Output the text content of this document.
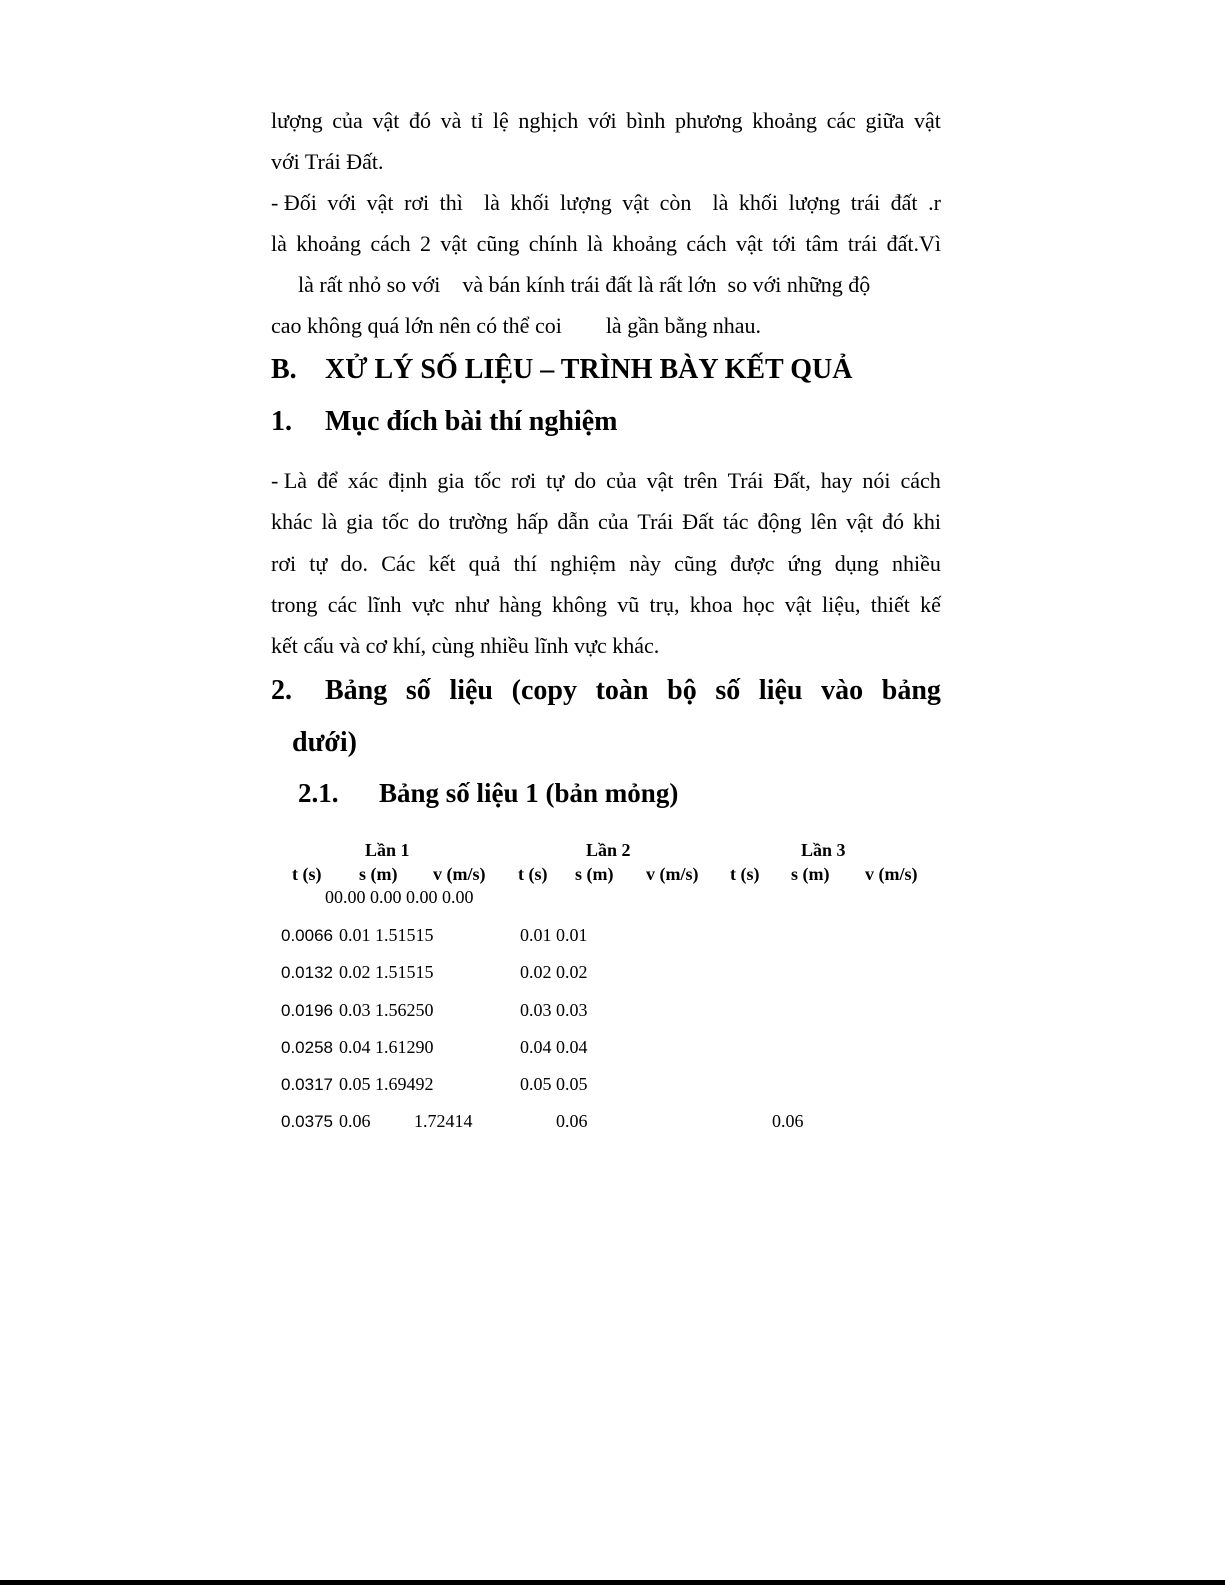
lượng của vật đó và tỉ lệ nghịch với bình phương khoảng các giữa vật
với Trái Đất.
- Đối với vật rơi thì là khối lượng vật còn là khối lượng trái đất .r
là khoảng cách 2 vật cũng chính là khoảng cách vật tới tâm trái đất.Vì
là rất nhỏ so với    và bán kính trái đất là rất lớn  so với những độ
cao không quá lớn nên có thể coi        là gần bằng nhau.
B. XỬ LÝ SỐ LIỆU – TRÌNH BÀY KẾT QUẢ
1. Mục đích bài thí nghiệm
- Là để xác định gia tốc rơi tự do của vật trên Trái Đất, hay nói cách
khác là gia tốc do trường hấp dẫn của Trái Đất tác động lên vật đó khi
rơi tự do. Các kết quả thí nghiệm này cũng được ứng dụng nhiều
trong các lĩnh vực như hàng không vũ trụ, khoa học vật liệu, thiết kế
kết cấu và cơ khí, cùng nhiều lĩnh vực khác.
2. Bảng số liệu (copy toàn bộ số liệu vào bảng
dưới)
2.1. Bảng số liệu 1 (bản mỏng)
Lần 1	Lần 2	Lần 3
t (s) s (m) v (m/s) t (s) s (m) v (m/s) t (s) s (m) v (m/s)
00.00 0.00 0.00 0.00
0.0066 0.01 1.51515	0.01 0.01
0.0132 0.02 1.51515	0.02 0.02
0.0196 0.03 1.56250	0.03 0.03
0.0258 0.04 1.61290	0.04 0.04
0.0317 0.05 1.69492	0.05 0.05
0.0375 0.06 1.72414	0.06	0.06
